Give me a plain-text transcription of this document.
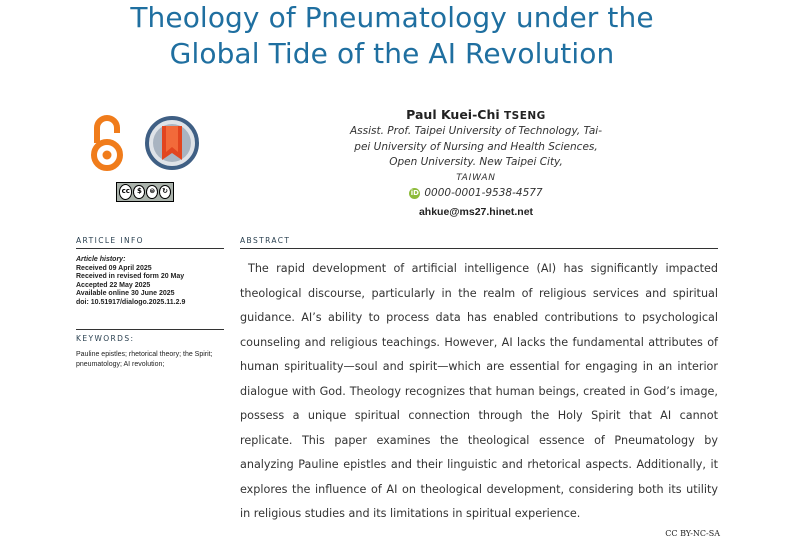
Theology of Pneumatology under the
Global Tide of the AI Revolution
cc	$	⊜ ↻
Paul Kuei-Chi TSENG
Assist. Prof. Taipei University of Technology, Tai-
pei University of Nursing and Health Sciences,
Open University. New Taipei City,
TAIWAN
iD 0000-0001-9538-4577
ahkue@ms27.hinet.net
ARTICLE INFO	ABSTRACT
Article history:
Received 09 April 2025
Received in revised form 20 May
Accepted 22 May 2025
Available online 30 June 2025
doi: 10.51917/dialogo.2025.11.2.9
KEYWORDS:
Pauline epistles; rhetorical theory; the Spirit; pneumatology; AI revolution;

The rapid development of artificial intelligence (AI) has significantly impacted theological discourse, particularly in the realm of religious services and spiritual guidance. AI’s ability to process data has enabled contributions to psychological counseling and religious teachings. However, AI lacks the fundamental attributes of human spirituality—soul and spirit—which are essential for engaging in an interior dialogue with God. Theology recognizes that human beings, created in God’s image, possess a unique spiritual connection through the Holy Spirit that AI cannot replicate. This paper examines the theological essence of Pneumatology by analyzing Pauline epistles and their linguistic and rhetorical aspects. Additionally, it explores the influence of AI on theological development, considering both its utility in religious studies and its limitations in spiritual experience.

CC BY-NC-SA
